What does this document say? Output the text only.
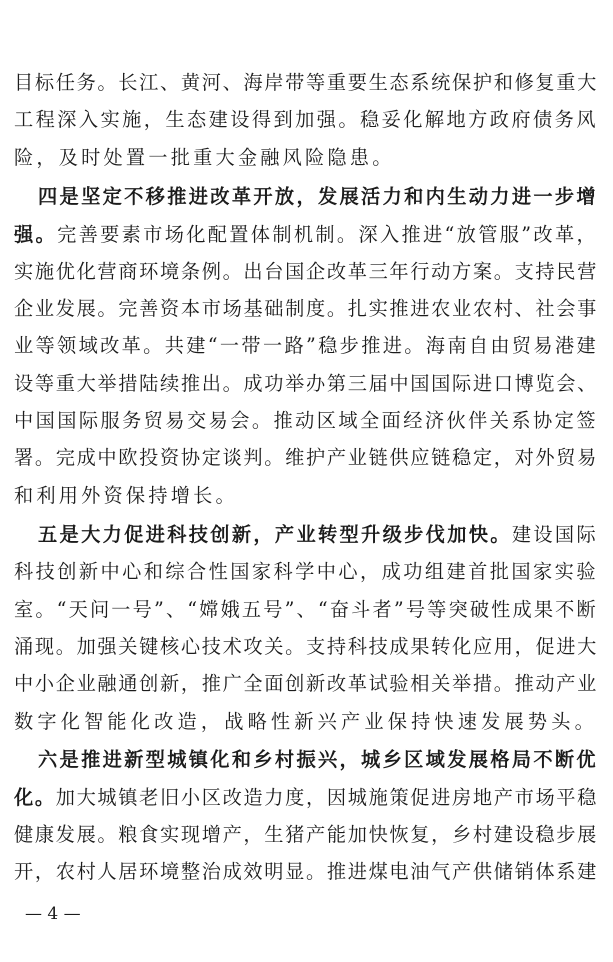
目标任务。长江、黄河、海岸带等重要生态系统保护和修复重大
工程深入实施，生态建设得到加强。稳妥化解地方政府债务风
险，及时处置一批重大金融风险隐患。
四是坚定不移推进改革开放，发展活力和内生动力进一步增
强。完善要素市场化配置体制机制。深入推进“放管服”改革，
实施优化营商环境条例。出台国企改革三年行动方案。支持民营
企业发展。完善资本市场基础制度。扎实推进农业农村、社会事
业等领域改革。共建“一带一路”稳步推进。海南自由贸易港建
设等重大举措陆续推出。成功举办第三届中国国际进口博览会、
中国国际服务贸易交易会。推动区域全面经济伙伴关系协定签
署。完成中欧投资协定谈判。维护产业链供应链稳定，对外贸易
和利用外资保持增长。
五是大力促进科技创新，产业转型升级步伐加快。建设国际
科技创新中心和综合性国家科学中心，成功组建首批国家实验
室。“天问一号”、“嫦娥五号”、“奋斗者”号等突破性成果不断
涌现。加强关键核心技术攻关。支持科技成果转化应用，促进大
中小企业融通创新，推广全面创新改革试验相关举措。推动产业
数字化智能化改造，战略性新兴产业保持快速发展势头。
六是推进新型城镇化和乡村振兴，城乡区域发展格局不断优
化。加大城镇老旧小区改造力度，因城施策促进房地产市场平稳
健康发展。粮食实现增产，生猪产能加快恢复，乡村建设稳步展
开，农村人居环境整治成效明显。推进煤电油气产供储销体系建
— 4 —
